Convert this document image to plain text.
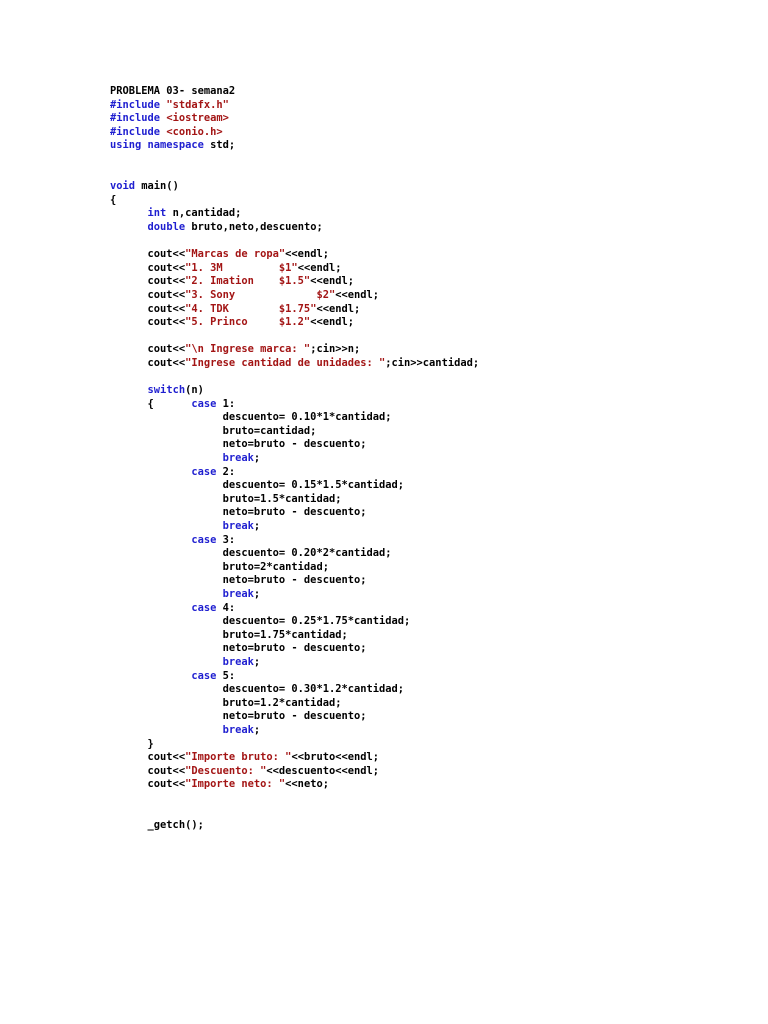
PROBLEMA 03- semana2
#include "stdafx.h"
#include <iostream>
#include <conio.h>
using namespace std;
void main()
{
int n,cantidad;
double bruto,neto,descuento;
cout<<"Marcas de ropa"<<endl;
cout<<"1. 3M         $1"<<endl;
cout<<"2. Imation    $1.5"<<endl;
cout<<"3. Sony             $2"<<endl;
cout<<"4. TDK        $1.75"<<endl;
cout<<"5. Princo     $1.2"<<endl;
cout<<"\n Ingrese marca: ";cin>>n;
cout<<"Ingrese cantidad de unidades: ";cin>>cantidad;
switch(n)
{      case 1:
descuento= 0.10*1*cantidad;
bruto=cantidad;
neto=bruto - descuento;
break;
case 2:
descuento= 0.15*1.5*cantidad;
bruto=1.5*cantidad;
neto=bruto - descuento;
break;
case 3:
descuento= 0.20*2*cantidad;
bruto=2*cantidad;
neto=bruto - descuento;
break;
case 4:
descuento= 0.25*1.75*cantidad;
bruto=1.75*cantidad;
neto=bruto - descuento;
break;
case 5:
descuento= 0.30*1.2*cantidad;
bruto=1.2*cantidad;
neto=bruto - descuento;
break;
}
cout<<"Importe bruto: "<<bruto<<endl;
cout<<"Descuento: "<<descuento<<endl;
cout<<"Importe neto: "<<neto;
_getch();
